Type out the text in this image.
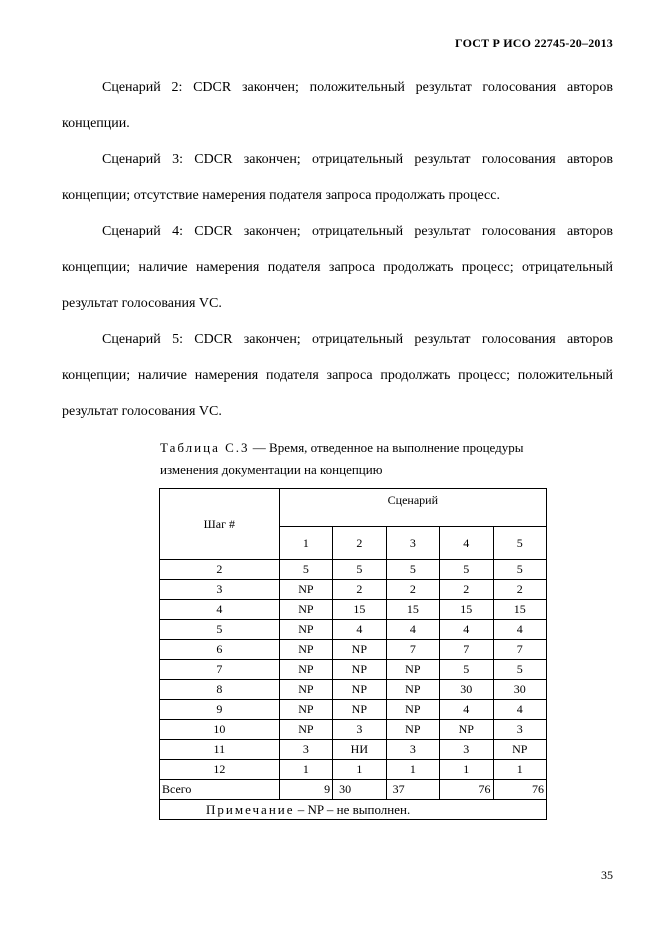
ГОСТ Р ИСО 22745-20–2013

Сценарий 2: CDCR закончен; положительный результат голосования авторов концепции.

Сценарий 3: CDCR закончен; отрицательный результат голосования авторов концепции; отсутствие намерения подателя запроса продолжать процесс.

Сценарий 4: CDCR закончен; отрицательный результат голосования авторов концепции; наличие намерения подателя запроса продолжать процесс; отрицательный результат голосования VC.

Сценарий 5: CDCR закончен; отрицательный результат голосования авторов концепции; наличие намерения подателя запроса продолжать процесс; положительный результат голосования VC.

Таблица С.3 — Время, отведенное на выполнение процедуры изменения документации на концепцию

Шаг #	Сценарий				
	1	2	3	4	5
2	5	5	5	5	5
3	NP	2	2	2	2
4	NP	15	15	15	15
5	NP	4	4	4	4
6	NP	NP	7	7	7
7	NP	NP	NP	5	5
8	NP	NP	NP	30	30
9	NP	NP	NP	4	4
10	NP	3	NP	NP	3
11	3	НИ	3	3	NP
12	1	1	1	1	1
Всего	9	30	37	76	76
Примечание – NP – не выполнен.					
35
